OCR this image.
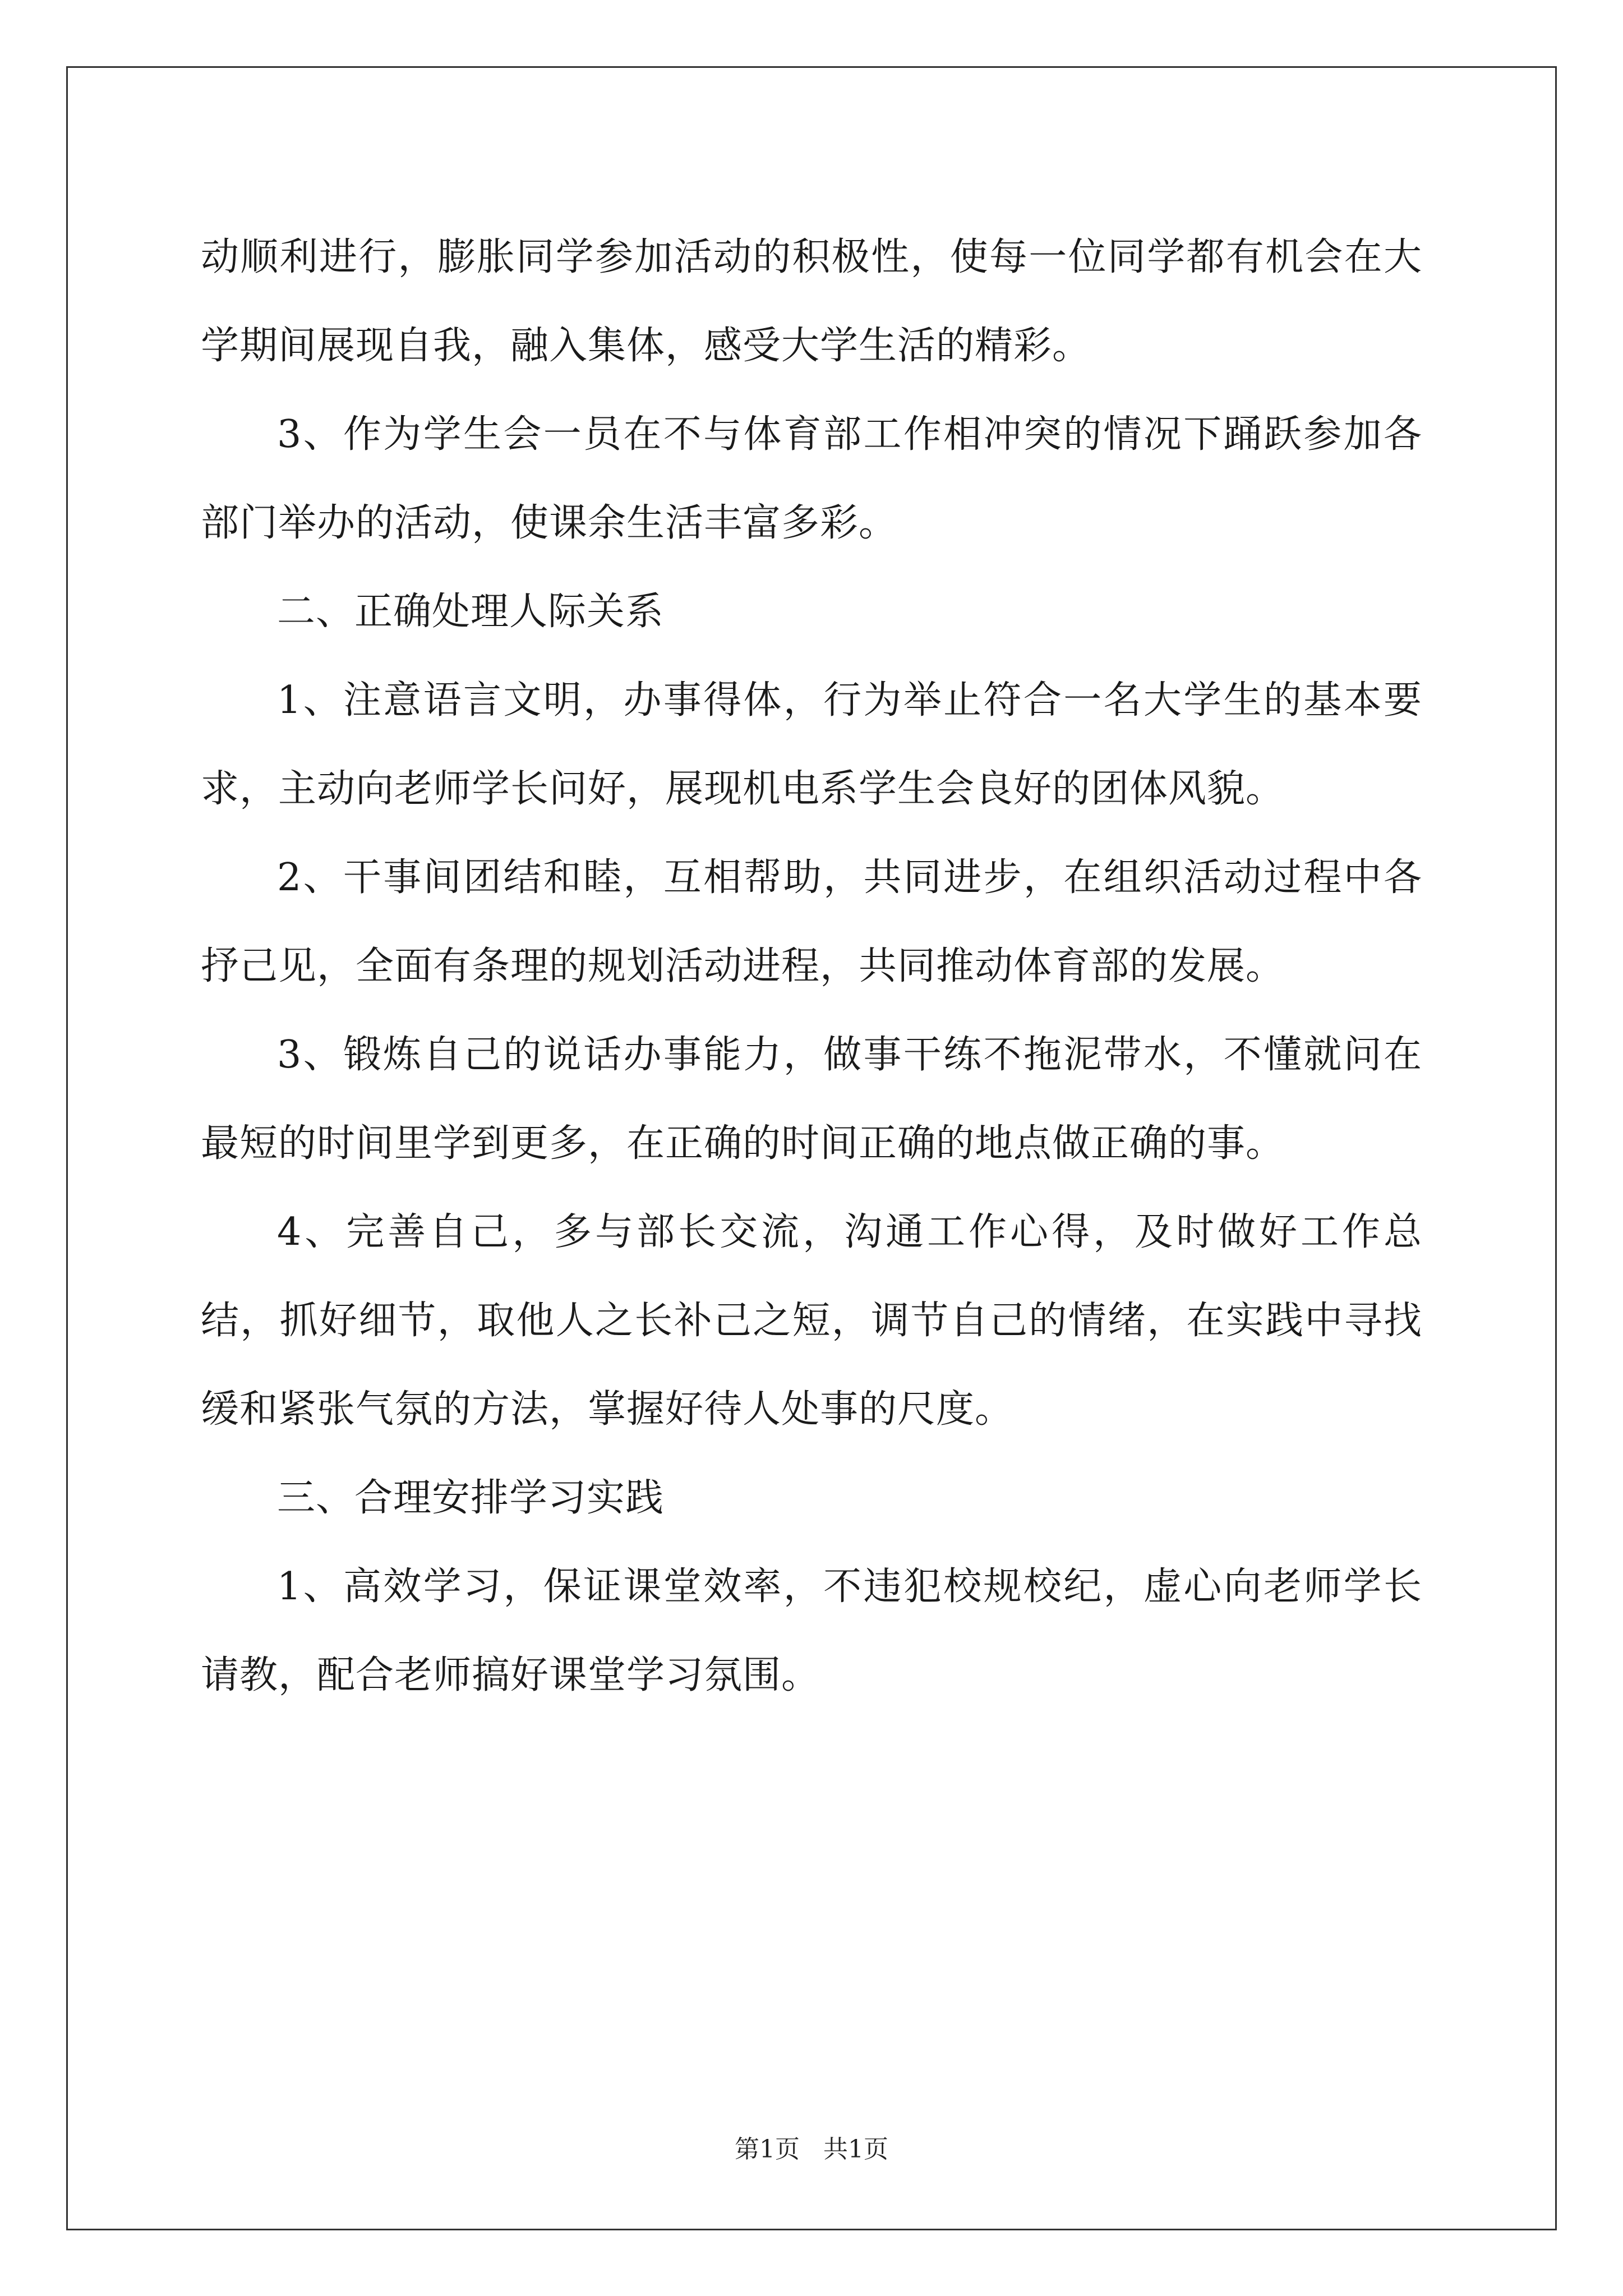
动顺利进行，膨胀同学参加活动的积极性，使每一位同学都有机会在大学期间展现自我，融入集体，感受大学生活的精彩。

3、作为学生会一员在不与体育部工作相冲突的情况下踊跃参加各部门举办的活动，使课余生活丰富多彩。

二、正确处理人际关系

1、注意语言文明，办事得体，行为举止符合一名大学生的基本要求，主动向老师学长问好，展现机电系学生会良好的团体风貌。

2、干事间团结和睦，互相帮助，共同进步，在组织活动过程中各抒己见，全面有条理的规划活动进程，共同推动体育部的发展。

3、锻炼自己的说话办事能力，做事干练不拖泥带水，不懂就问在最短的时间里学到更多，在正确的时间正确的地点做正确的事。

4、完善自己，多与部长交流，沟通工作心得，及时做好工作总结，抓好细节，取他人之长补己之短，调节自己的情绪，在实践中寻找缓和紧张气氛的方法，掌握好待人处事的尺度。

三、合理安排学习实践

1、高效学习，保证课堂效率，不违犯校规校纪，虚心向老师学长请教，配合老师搞好课堂学习氛围。

第1页 共1页
